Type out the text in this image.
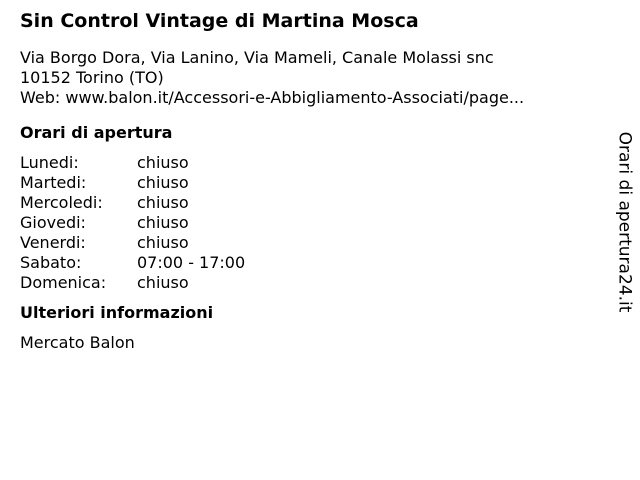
Sin Control Vintage di Martina Mosca
Via Borgo Dora, Via Lanino, Via Mameli, Canale Molassi snc
10152 Torino (TO)
Web: www.balon.it/Accessori-e-Abbigliamento-Associati/page...
Orari di apertura
Lunedi:	chiuso
Martedi:	chiuso
Mercoledi:	chiuso
Giovedi:	chiuso
Venerdi:	chiuso
Sabato:	07:00 - 17:00
Domenica:	chiuso
Ulteriori informazioni
Mercato Balon
Orari di apertura24.it
